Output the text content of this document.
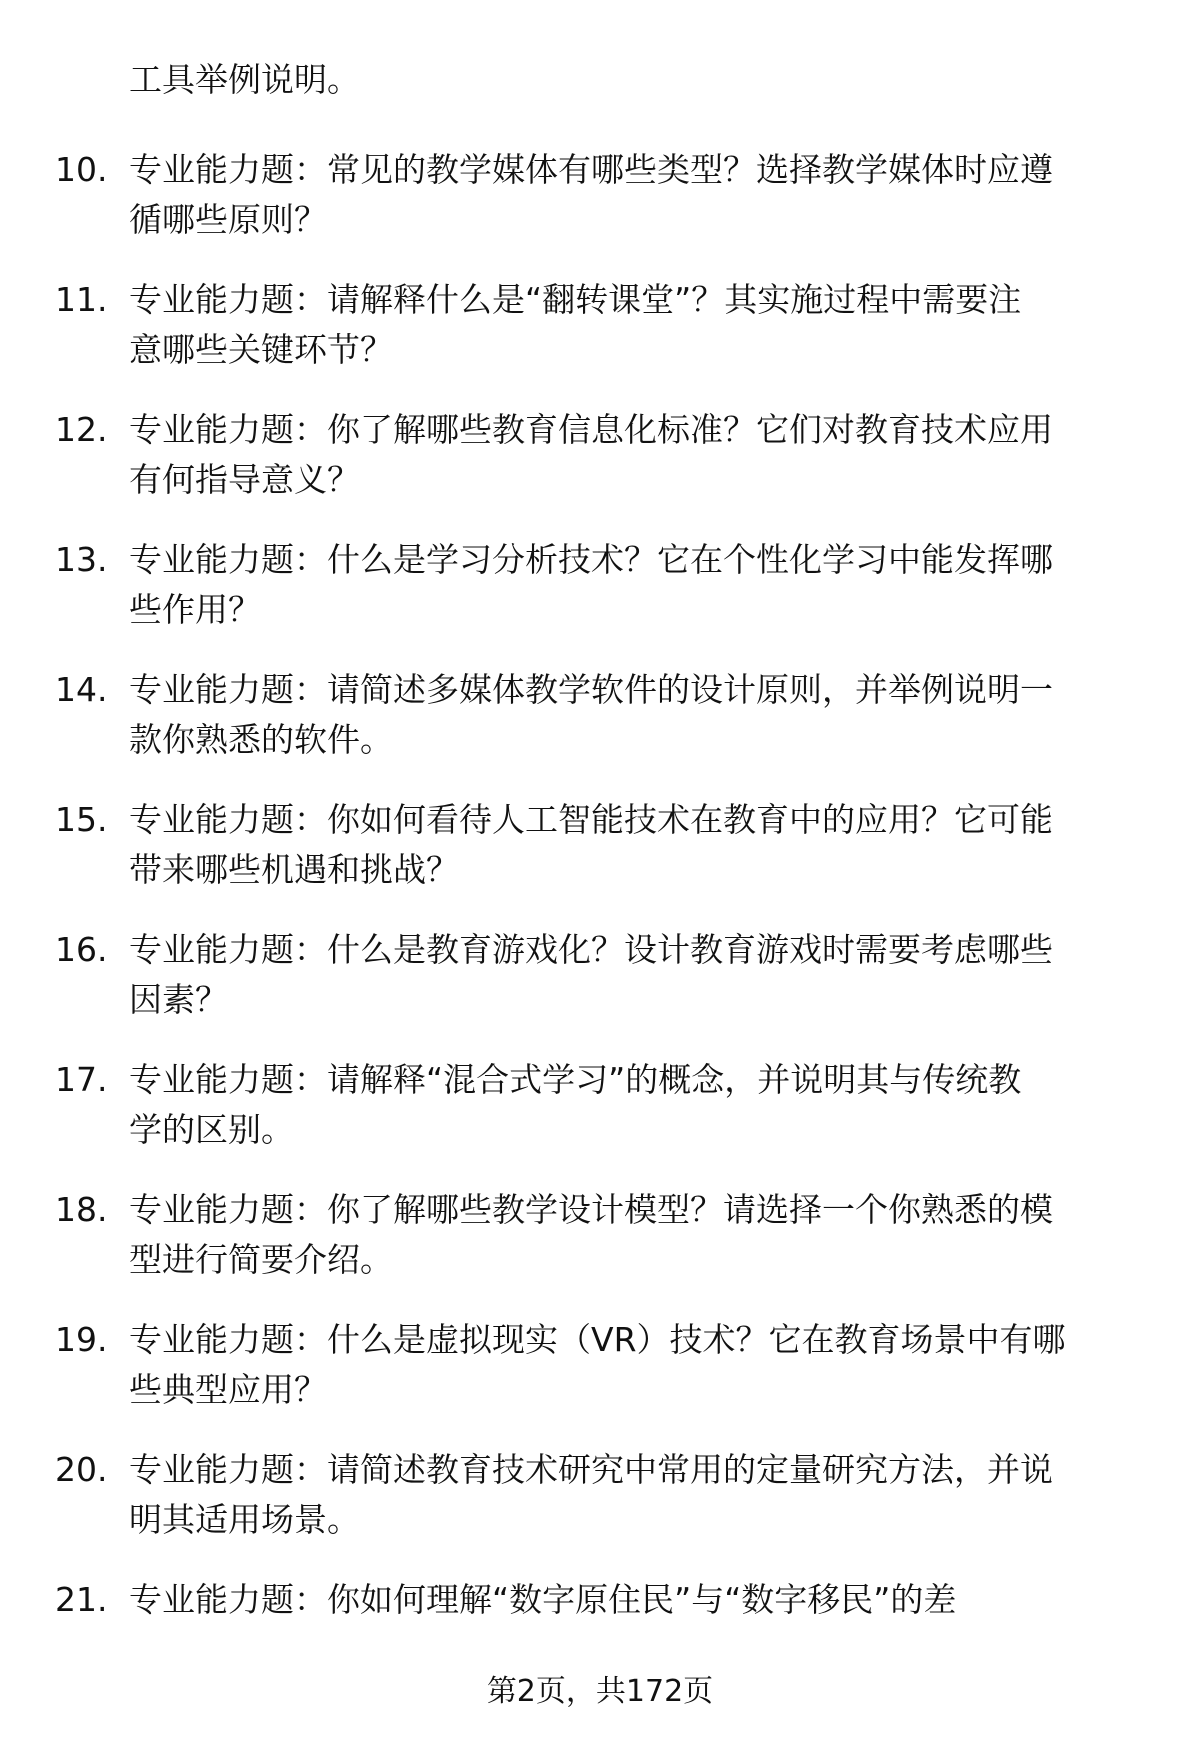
工具举例说明。
10. 专业能力题：常见的教学媒体有哪些类型？选择教学媒体时应遵
循哪些原则？
11. 专业能力题：请解释什么是“翻转课堂”？其实施过程中需要注
意哪些关键环节？
12. 专业能力题：你了解哪些教育信息化标准？它们对教育技术应用
有何指导意义？
13. 专业能力题：什么是学习分析技术？它在个性化学习中能发挥哪
些作用？
14. 专业能力题：请简述多媒体教学软件的设计原则，并举例说明一
款你熟悉的软件。
15. 专业能力题：你如何看待人工智能技术在教育中的应用？它可能
带来哪些机遇和挑战？
16. 专业能力题：什么是教育游戏化？设计教育游戏时需要考虑哪些
因素？
17. 专业能力题：请解释“混合式学习”的概念，并说明其与传统教
学的区别。
18. 专业能力题：你了解哪些教学设计模型？请选择一个你熟悉的模
型进行简要介绍。
19. 专业能力题：什么是虚拟现实（VR）技术？它在教育场景中有哪
些典型应用？
20. 专业能力题：请简述教育技术研究中常用的定量研究方法，并说
明其适用场景。
21. 专业能力题：你如何理解“数字原住民”与“数字移民”的差
第2页，共172页
